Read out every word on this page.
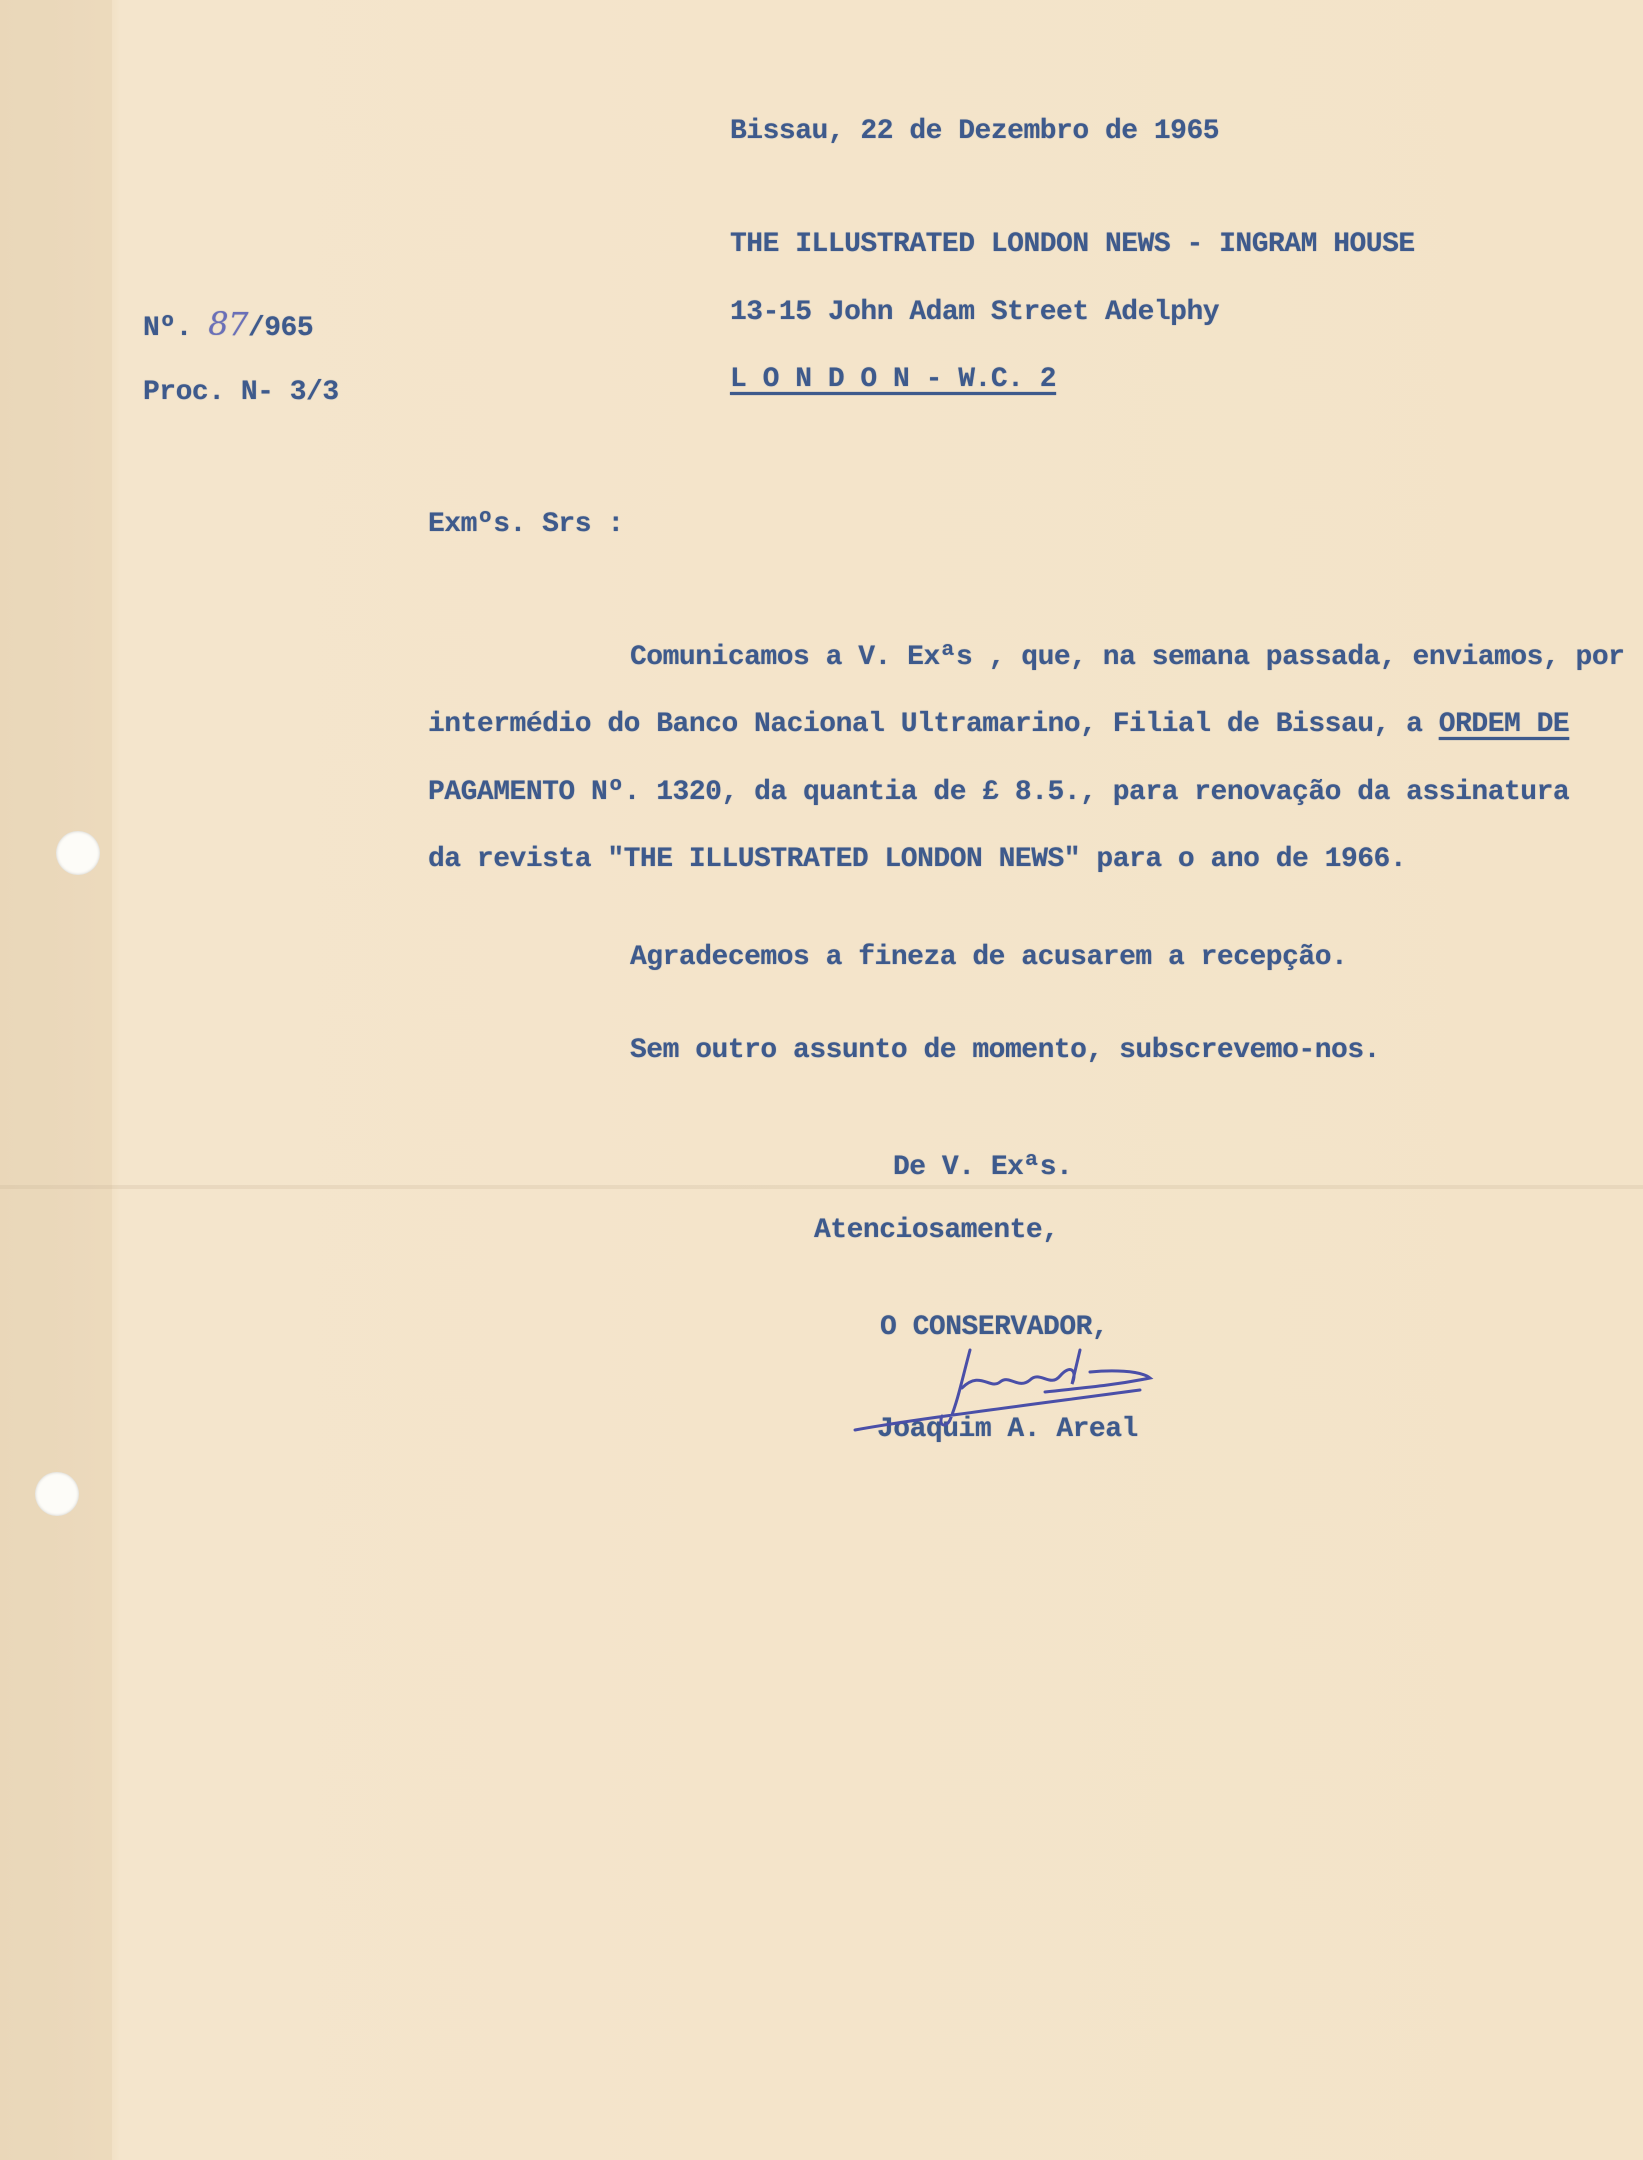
Bissau, 22 de Dezembro de 1965
Nº. 87/965
Proc. N- 3/3
THE ILLUSTRATED LONDON NEWS - INGRAM HOUSE
13-15 John Adam Street Adelphy
L O N D O N - W.C. 2
Exmºs. Srs :
Comunicamos a V. Exªs , que, na semana passada, enviamos, por
intermédio do Banco Nacional Ultramarino, Filial de Bissau, a ORDEM DE
PAGAMENTO Nº. 1320, da quantia de £ 8.5., para renovação da assinatura
da revista "THE ILLUSTRATED LONDON NEWS" para o ano de 1966.
Agradecemos a fineza de acusarem a recepção.
Sem outro assunto de momento, subscrevemo-nos.
De V. Exªs.
Atenciosamente,
O CONSERVADOR,
Joaquim A. Areal
